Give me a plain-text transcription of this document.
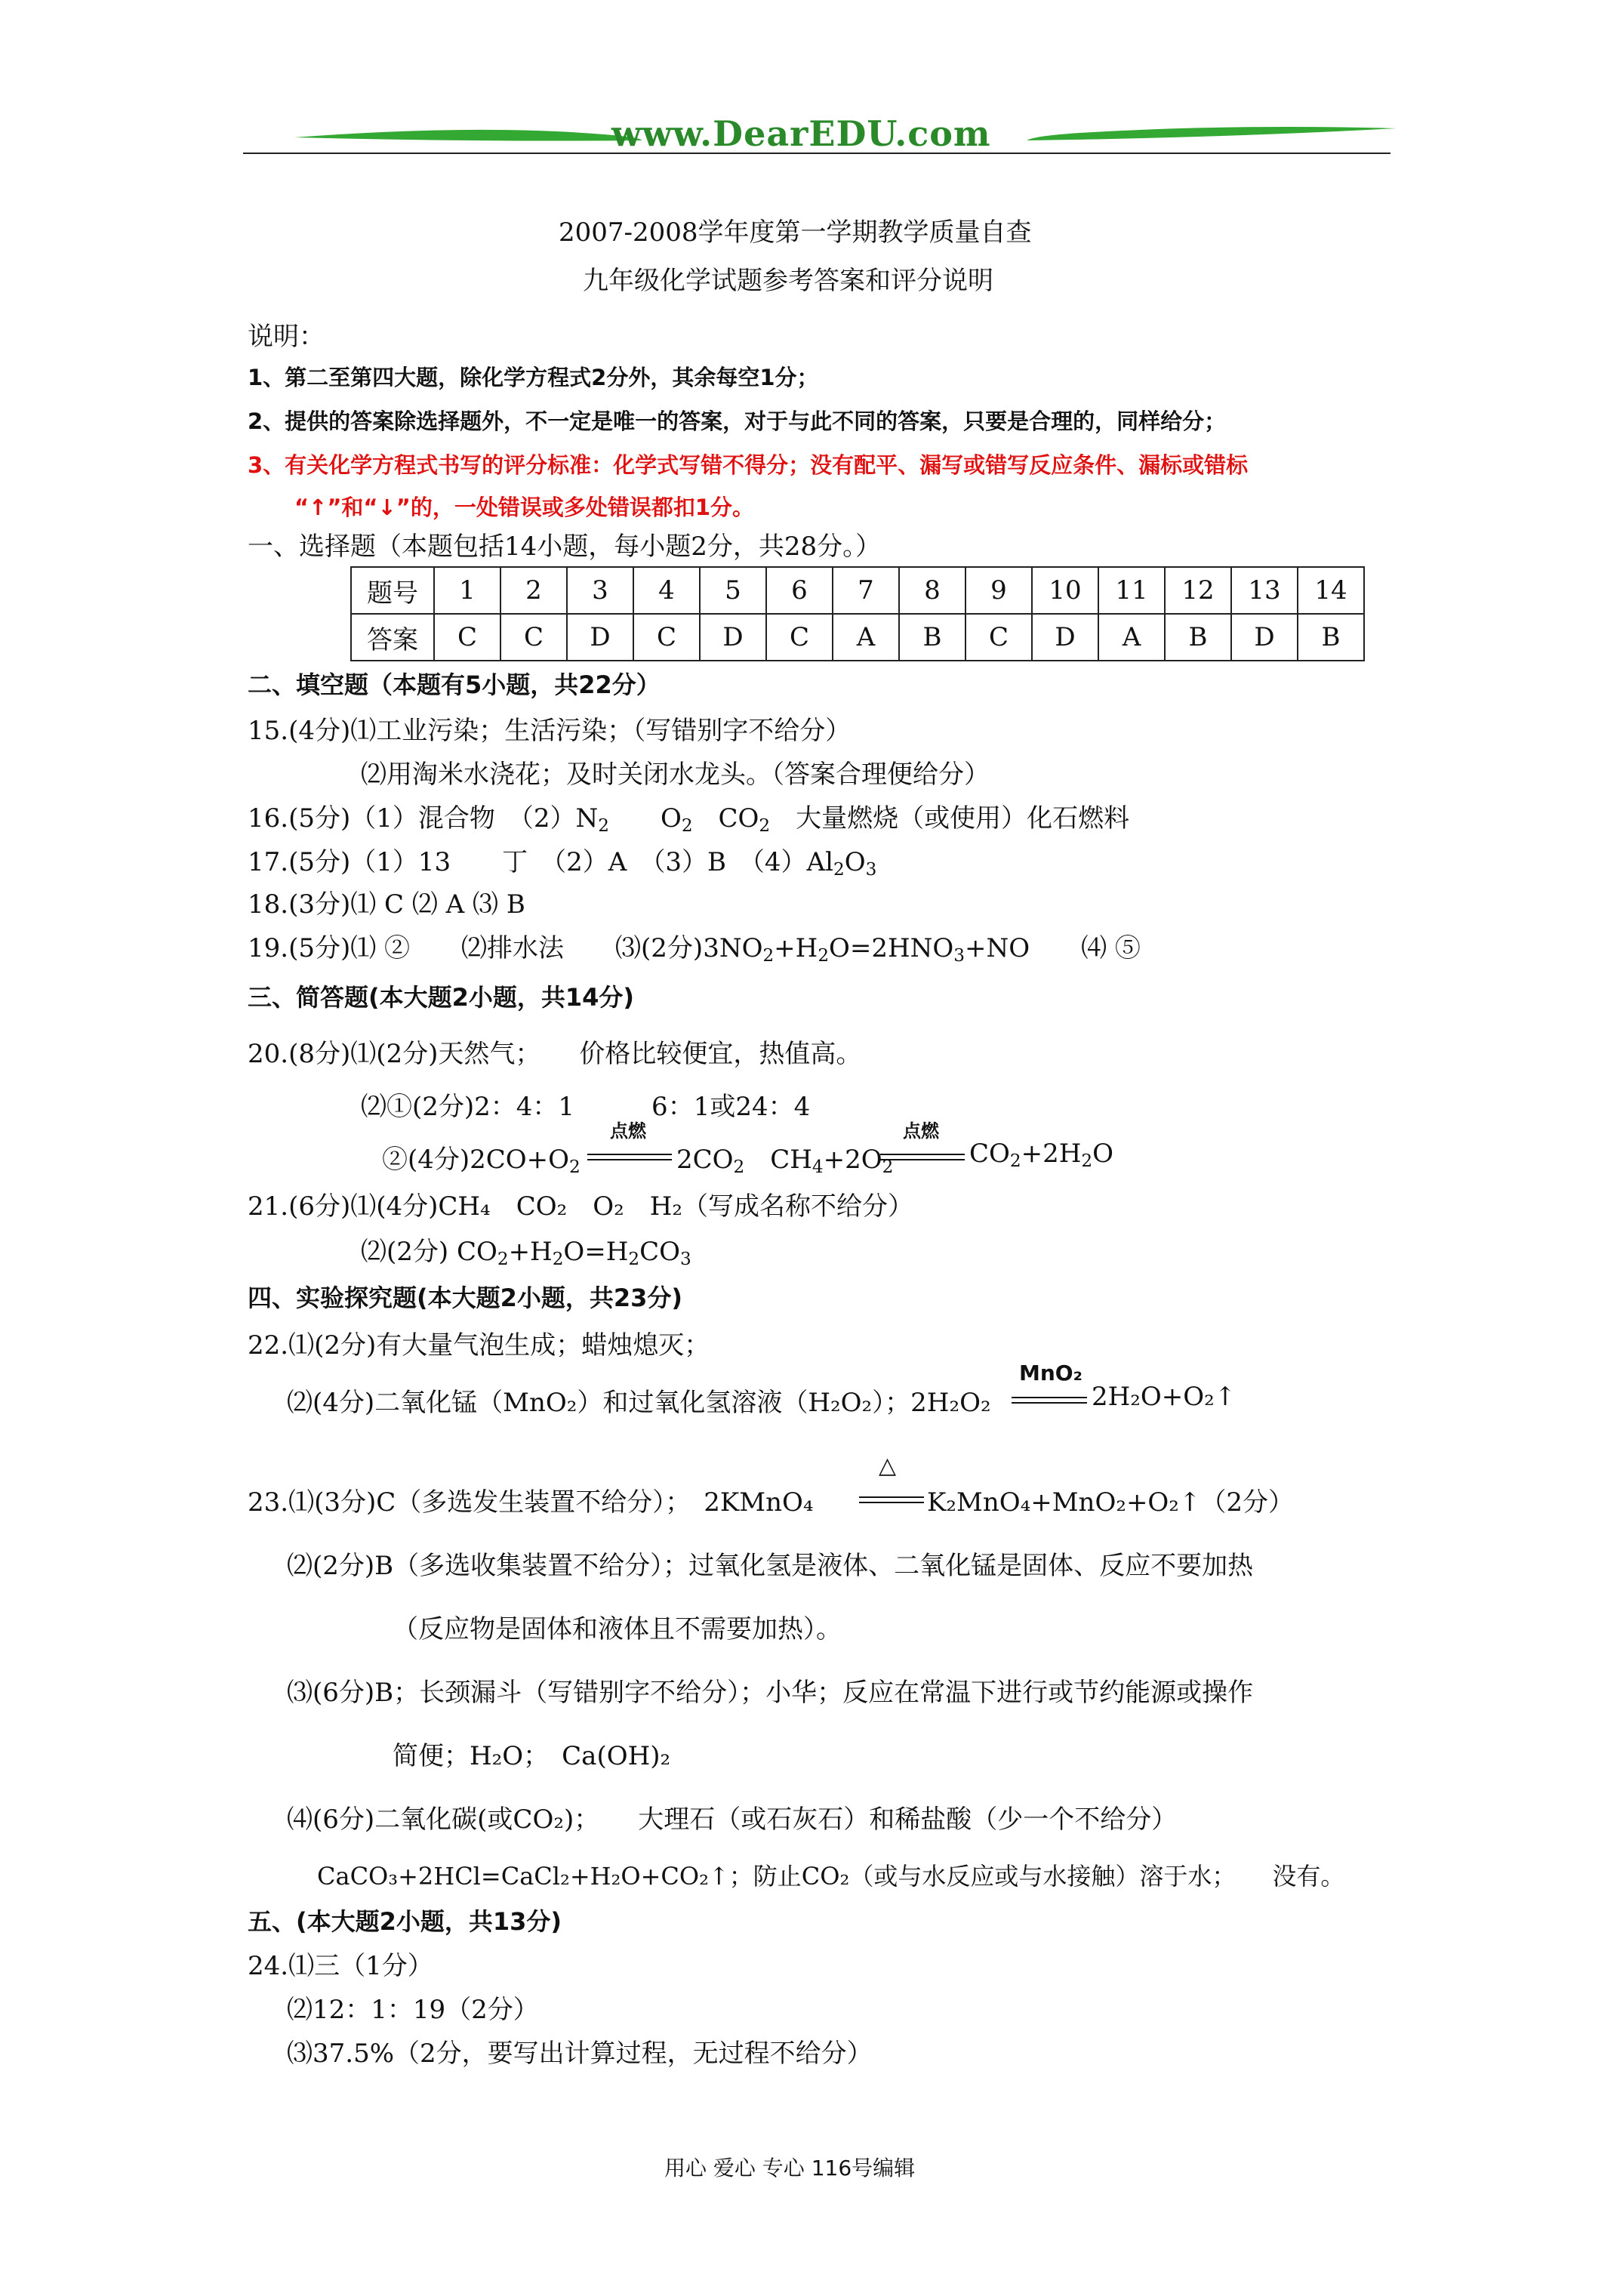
www.DearEDU.com
2007-2008学年度第一学期教学质量自查
九年级化学试题参考答案和评分说明
说明：
1、第二至第四大题，除化学方程式2分外，其余每空1分；
2、提供的答案除选择题外，不一定是唯一的答案，对于与此不同的答案，只要是合理的，同样给分；
3、有关化学方程式书写的评分标准：化学式写错不得分；没有配平、漏写或错写反应条件、漏标或错标
“↑”和“↓”的，一处错误或多处错误都扣1分。
一、选择题（本题包括14小题，每小题2分，共28分。）
题号	1	2	3	4	5	6	7	8	9	10	11	12	13	14
答案	C	C	D	C	D	C	A	B	C	D	A	B	D	B
二、填空题（本题有5小题，共22分）
15.(4分)⑴工业污染；生活污染；（写错别字不给分）
⑵用淘米水浇花；及时关闭水龙头。（答案合理便给分）
16.(5分)（1）混合物　$(2)N_2$　　$O_2$　$CO_2$　大量燃烧（或使用）化石燃料
17.(5分)（1）13　　丁　（2）A　（3）B　$(4)Al_2O_3$
18.(3分)⑴ C ⑵ A ⑶ B
19.(5分)⑴ ②　　⑵排水法　　⑶(2分)$3NO_2+H_2O=2HNO_3+NO$　　⑷ ⑤
三、简答题(本大题2小题，共14分)
20.(8分)⑴(2分)天然气；　　价格比较便宜，热值高。
⑵①(2分)2：4：1　　　6：1或24：4
②(4分)$2CO+O_2$
点燃
$2CO_2$　$CH_4+2O_2$
点燃
$CO_2+2H_2O$
21.(6分)⑴(4分)CH₄　CO₂　O₂　H₂（写成名称不给分）
⑵(2分) $CO_2+H_2O=H_2CO_3$
四、实验探究题(本大题2小题，共23分)
22.⑴(2分)有大量气泡生成；蜡烛熄灭；
⑵(4分)二氧化锰（MnO₂）和过氧化氢溶液（H₂O₂）；2H₂O₂
MnO₂
2H₂O+O₂↑
23.⑴(3分)C（多选发生装置不给分）；　2KMnO₄
△
K₂MnO₄+MnO₂+O₂↑（2分）
⑵(2分)B（多选收集装置不给分）；过氧化氢是液体、二氧化锰是固体、反应不要加热
（反应物是固体和液体且不需要加热）。
⑶(6分)B；长颈漏斗（写错别字不给分）；小华；反应在常温下进行或节约能源或操作
简便；H₂O；　Ca(OH)₂
⑷(6分)二氧化碳(或CO₂)；　　大理石（或石灰石）和稀盐酸（少一个不给分）
CaCO₃+2HCl=CaCl₂+H₂O+CO₂↑；防止CO₂（或与水反应或与水接触）溶于水；　　没有。
五、(本大题2小题，共13分)
24.⑴三（1分）
⑵12：1：19（2分）
⑶37.5%（2分，要写出计算过程，无过程不给分）
用心 爱心 专心 116号编辑
